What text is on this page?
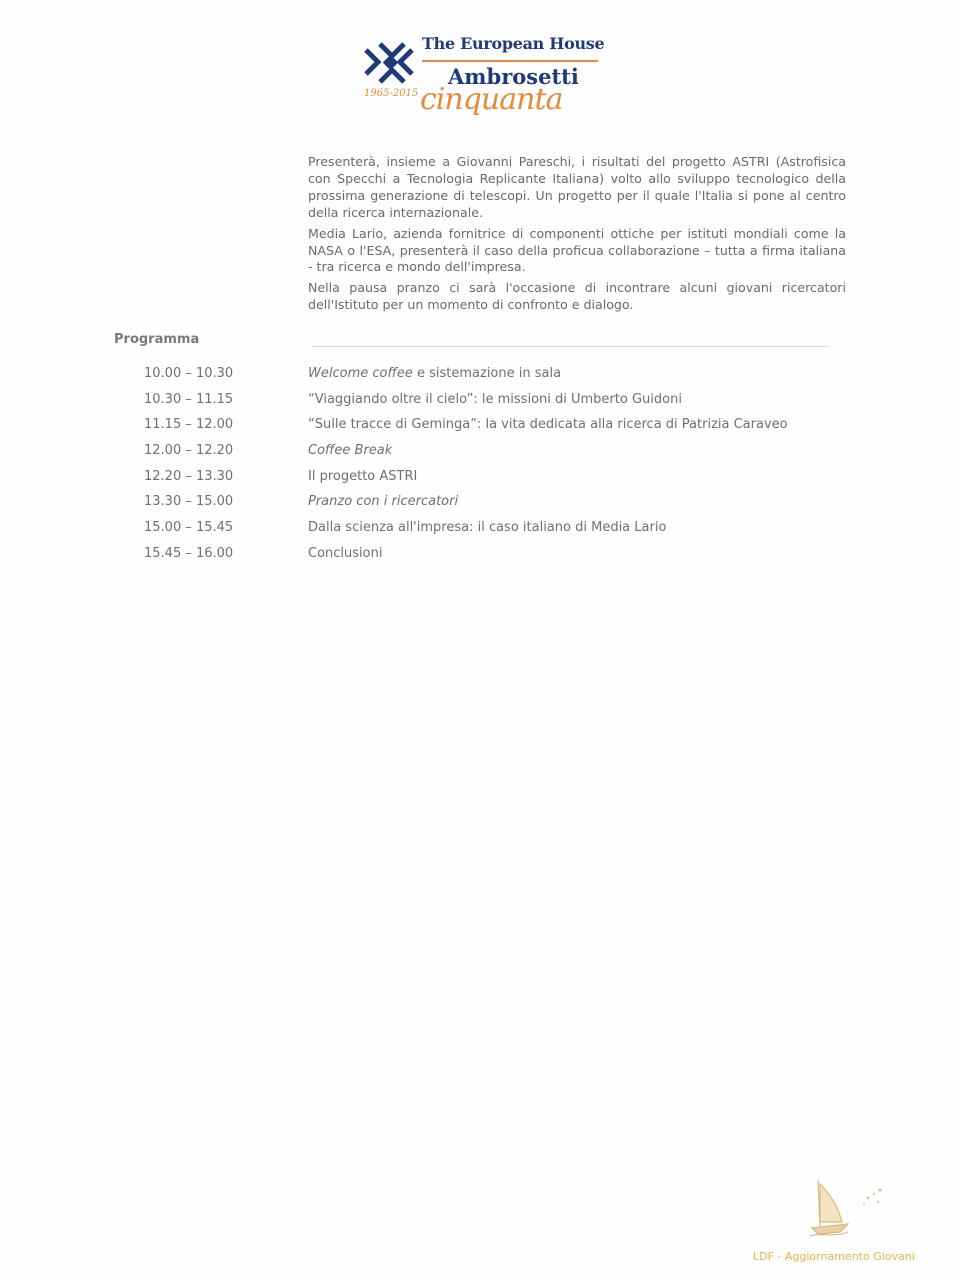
The European House
Ambrosetti
1965-2015 cinquanta

Presenterà, insieme a Giovanni Pareschi, i risultati del progetto ASTRI (Astrofisica con Specchi a Tecnologia Replicante Italiana) volto allo sviluppo tecnologico della prossima generazione di telescopi. Un progetto per il quale l'Italia si pone al centro della ricerca internazionale.

Media Lario, azienda fornitrice di componenti ottiche per istituti mondiali come la NASA o l'ESA, presenterà il caso della proficua collaborazione – tutta a firma italiana - tra ricerca e mondo dell'impresa.

Nella pausa pranzo ci sarà l'occasione di incontrare alcuni giovani ricercatori dell'Istituto per un momento di confronto e dialogo.

Programma
10.00 – 10.30	Welcome coffee e sistemazione in sala
10.30 – 11.15	“Viaggiando oltre il cielo”: le missioni di Umberto Guidoni
11.15 – 12.00	“Sulle tracce di Geminga”: la vita dedicata alla ricerca di Patrizia Caraveo
12.00 – 12.20	Coffee Break
12.20 – 13.30	Il progetto ASTRI
13.30 – 15.00	Pranzo con i ricercatori
15.00 – 15.45	Dalla scienza all'impresa: il caso italiano di Media Lario
15.45 – 16.00	Conclusioni
LDF - Aggiornamento Giovani
